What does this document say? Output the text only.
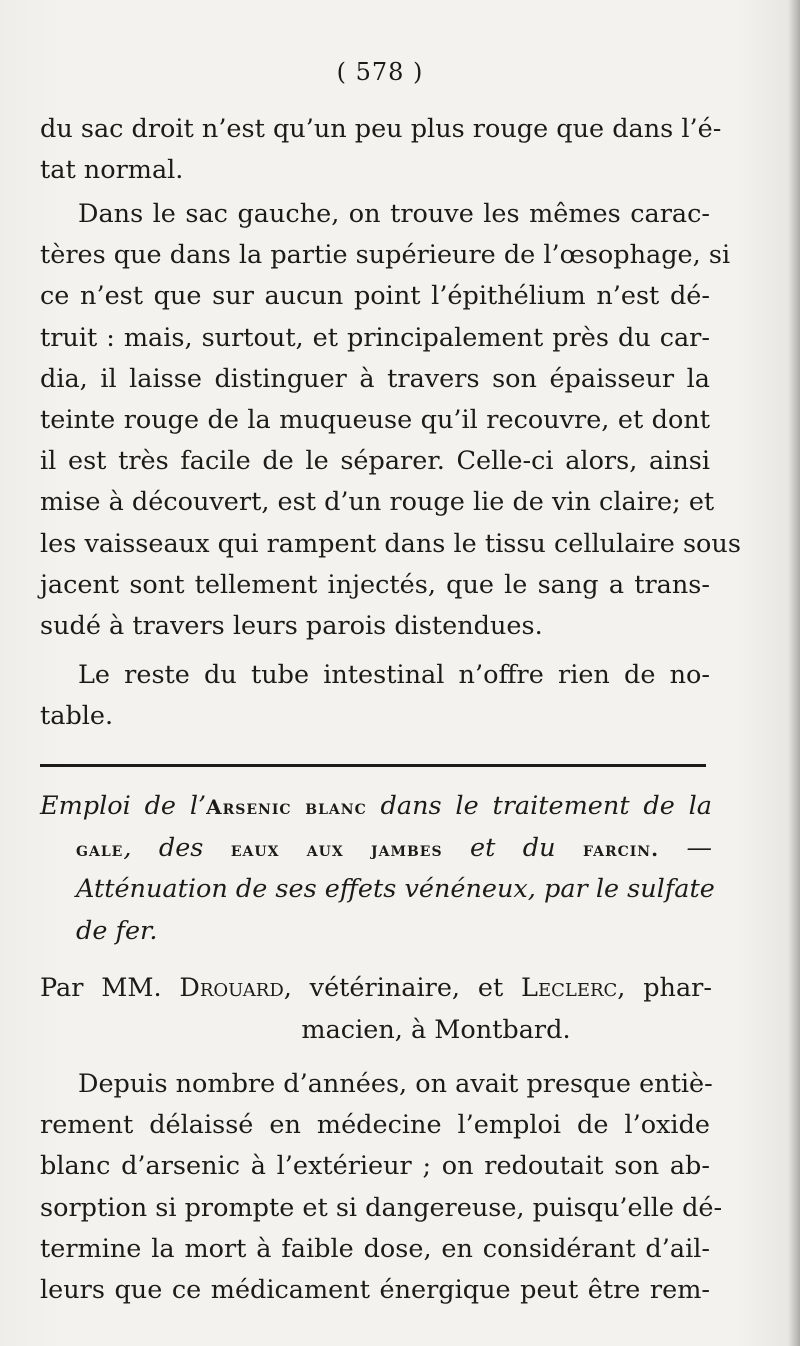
( 578 )
du sac droit n’est qu’un peu plus rouge que dans l’é-
tat normal.
Dans le sac gauche, on trouve les mêmes carac-
tères que dans la partie supérieure de l’œsophage, si
ce n’est que sur aucun point l’épithélium n’est dé-
truit : mais, surtout, et principalement près du car-
dia, il laisse distinguer à travers son épaisseur la
teinte rouge de la muqueuse qu’il recouvre, et dont
il est très facile de le séparer. Celle-ci alors, ainsi
mise à découvert, est d’un rouge lie de vin claire; et
les vaisseaux qui rampent dans le tissu cellulaire sous
jacent sont tellement injectés, que le sang a trans-
sudé à travers leurs parois distendues.
Le reste du tube intestinal n’offre rien de no-
table.
Emploi de l’Arsenic blanc dans le traitement de la
gale, des eaux aux jambes et du farcin. —
Atténuation de ses effets vénéneux, par le sulfate
de fer.
Par MM. Drouard, vétérinaire, et Leclerc, phar-
macien, à Montbard.
Depuis nombre d’années, on avait presque entiè-
rement délaissé en médecine l’emploi de l’oxide
blanc d’arsenic à l’extérieur ; on redoutait son ab-
sorption si prompte et si dangereuse, puisqu’elle dé-
termine la mort à faible dose, en considérant d’ail-
leurs que ce médicament énergique peut être rem-
